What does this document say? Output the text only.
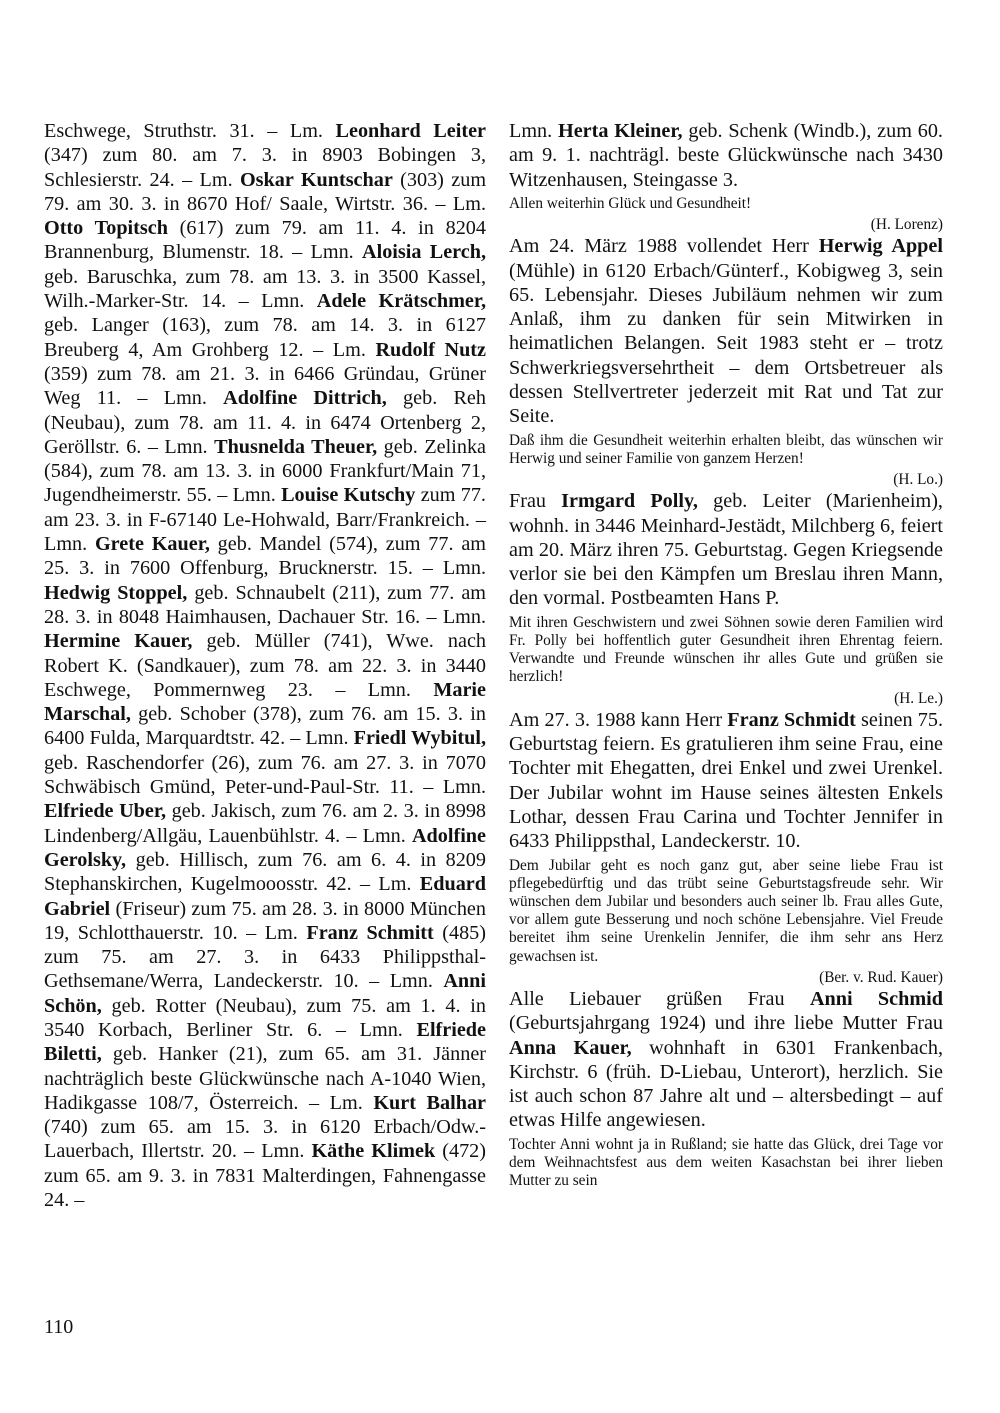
Eschwege, Struthstr. 31. – Lm. Leonhard Leiter (347) zum 80. am 7. 3. in 8903 Bobingen 3, Schlesierstr. 24. – Lm. Oskar Kuntschar (303) zum 79. am 30. 3. in 8670 Hof/ Saale, Wirtstr. 36. – Lm. Otto Topitsch (617) zum 79. am 11. 4. in 8204 Brannenburg, Blumenstr. 18. – Lmn. Aloisia Lerch, geb. Baruschka, zum 78. am 13. 3. in 3500 Kassel, Wilh.-Marker-Str. 14. – Lmn. Adele Krätschmer, geb. Langer (163), zum 78. am 14. 3. in 6127 Breuberg 4, Am Grohberg 12. – Lm. Rudolf Nutz (359) zum 78. am 21. 3. in 6466 Gründau, Grüner Weg 11. – Lmn. Adolfine Dittrich, geb. Reh (Neubau), zum 78. am 11. 4. in 6474 Ortenberg 2, Geröllstr. 6. – Lmn. Thusnelda Theuer, geb. Zelinka (584), zum 78. am 13. 3. in 6000 Frankfurt/Main 71, Jugendheimerstr. 55. – Lmn. Louise Kutschy zum 77. am 23. 3. in F-67140 Le-Hohwald, Barr/Frankreich. – Lmn. Grete Kauer, geb. Mandel (574), zum 77. am 25. 3. in 7600 Offenburg, Brucknerstr. 15. – Lmn. Hedwig Stoppel, geb. Schnaubelt (211), zum 77. am 28. 3. in 8048 Haimhausen, Dachauer Str. 16. – Lmn. Hermine Kauer, geb. Müller (741), Wwe. nach Robert K. (Sandkauer), zum 78. am 22. 3. in 3440 Eschwege, Pommernweg 23. – Lmn. Marie Marschal, geb. Schober (378), zum 76. am 15. 3. in 6400 Fulda, Marquardtstr. 42. – Lmn. Friedl Wybitul, geb. Raschendorfer (26), zum 76. am 27. 3. in 7070 Schwäbisch Gmünd, Peter-und-Paul-Str. 11. – Lmn. Elfriede Uber, geb. Jakisch, zum 76. am 2. 3. in 8998 Lindenberg/Allgäu, Lauenbühlstr. 4. – Lmn. Adolfine Gerolsky, geb. Hillisch, zum 76. am 6. 4. in 8209 Stephanskirchen, Kugelmooosstr. 42. – Lm. Eduard Gabriel (Friseur) zum 75. am 28. 3. in 8000 München 19, Schlotthauerstr. 10. – Lm. Franz Schmitt (485) zum 75. am 27. 3. in 6433 Philippsthal-Gethsemane/Werra, Landeckerstr. 10. – Lmn. Anni Schön, geb. Rotter (Neubau), zum 75. am 1. 4. in 3540 Korbach, Berliner Str. 6. – Lmn. Elfriede Biletti, geb. Hanker (21), zum 65. am 31. Jänner nachträglich beste Glückwünsche nach A-1040 Wien, Hadikgasse 108/7, Österreich. – Lm. Kurt Balhar (740) zum 65. am 15. 3. in 6120 Erbach/Odw.-Lauerbach, Illertstr. 20. – Lmn. Käthe Klimek (472) zum 65. am 9. 3. in 7831 Malterdingen, Fahnengasse 24. –

Lmn. Herta Kleiner, geb. Schenk (Windb.), zum 60. am 9. 1. nachträgl. beste Glückwünsche nach 3430 Witzenhausen, Steingasse 3.

Allen weiterhin Glück und Gesundheit!

(H. Lorenz)

Am 24. März 1988 vollendet Herr Herwig Appel (Mühle) in 6120 Erbach/Günterf., Kobigweg 3, sein 65. Lebensjahr. Dieses Jubiläum nehmen wir zum Anlaß, ihm zu danken für sein Mitwirken in heimatlichen Belangen. Seit 1983 steht er – trotz Schwerkriegsversehrtheit – dem Ortsbetreuer als dessen Stellvertreter jederzeit mit Rat und Tat zur Seite.

Daß ihm die Gesundheit weiterhin erhalten bleibt, das wünschen wir Herwig und seiner Familie von ganzem Herzen!

(H. Lo.)

Frau Irmgard Polly, geb. Leiter (Marienheim), wohnh. in 3446 Meinhard-Jestädt, Milchberg 6, feiert am 20. März ihren 75. Geburtstag. Gegen Kriegsende verlor sie bei den Kämpfen um Breslau ihren Mann, den vormal. Postbeamten Hans P.

Mit ihren Geschwistern und zwei Söhnen sowie deren Familien wird Fr. Polly bei hoffentlich guter Gesundheit ihren Ehrentag feiern. Verwandte und Freunde wünschen ihr alles Gute und grüßen sie herzlich!

(H. Le.)

Am 27. 3. 1988 kann Herr Franz Schmidt seinen 75. Geburtstag feiern. Es gratulieren ihm seine Frau, eine Tochter mit Ehegatten, drei Enkel und zwei Urenkel. Der Jubilar wohnt im Hause seines ältesten Enkels Lothar, dessen Frau Carina und Tochter Jennifer in 6433 Philippsthal, Landeckerstr. 10.

Dem Jubilar geht es noch ganz gut, aber seine liebe Frau ist pflegebedürftig und das trübt seine Geburtstagsfreude sehr. Wir wünschen dem Jubilar und besonders auch seiner lb. Frau alles Gute, vor allem gute Besserung und noch schöne Lebensjahre. Viel Freude bereitet ihm seine Urenkelin Jennifer, die ihm sehr ans Herz gewachsen ist.

(Ber. v. Rud. Kauer)

Alle Liebauer grüßen Frau Anni Schmid (Geburtsjahrgang 1924) und ihre liebe Mutter Frau Anna Kauer, wohnhaft in 6301 Frankenbach, Kirchstr. 6 (früh. D-Liebau, Unterort), herzlich. Sie ist auch schon 87 Jahre alt und – altersbedingt – auf etwas Hilfe angewiesen.

Tochter Anni wohnt ja in Rußland; sie hatte das Glück, drei Tage vor dem Weihnachtsfest aus dem weiten Kasachstan bei ihrer lieben Mutter zu sein

110
